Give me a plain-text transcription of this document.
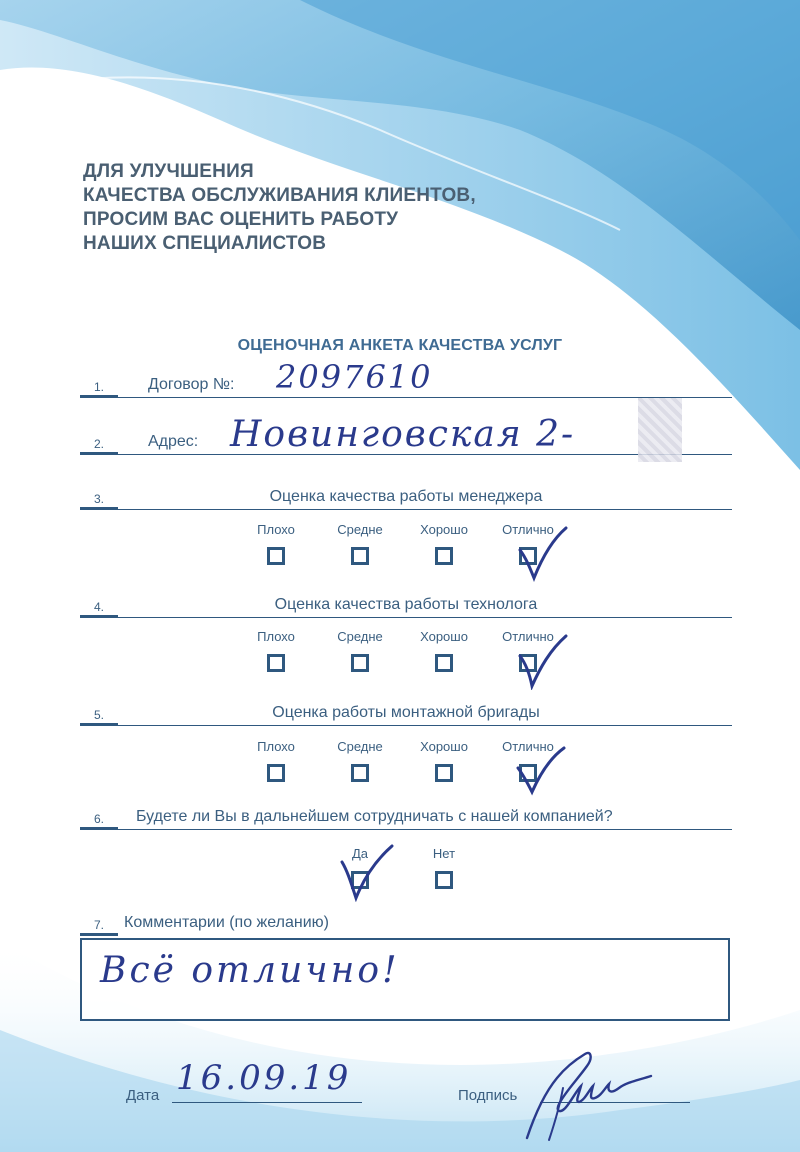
ДЛЯ УЛУЧШЕНИЯ
КАЧЕСТВА ОБСЛУЖИВАНИЯ КЛИЕНТОВ,
ПРОСИМ ВАС ОЦЕНИТЬ РАБОТУ
НАШИХ СПЕЦИАЛИСТОВ
ОЦЕНОЧНАЯ АНКЕТА КАЧЕСТВА УСЛУГ
1.	Договор №: 2097610
2.	Адрес: Новинговская 2-
3.	Оценка качества работы менеджера
Плохо	Средне	Хорошо	Отлично
4.	Оценка качества работы технолога
Плохо	Средне	Хорошо	Отлично
5.	Оценка работы монтажной бригады
Плохо	Средне	Хорошо	Отлично
6. Будете ли Вы в дальнейшем сотрудничать с нашей компанией?
Да	Нет
7. Комментарии (по желанию)
Всё отлично!
Дата 16.09.19	Подпись
